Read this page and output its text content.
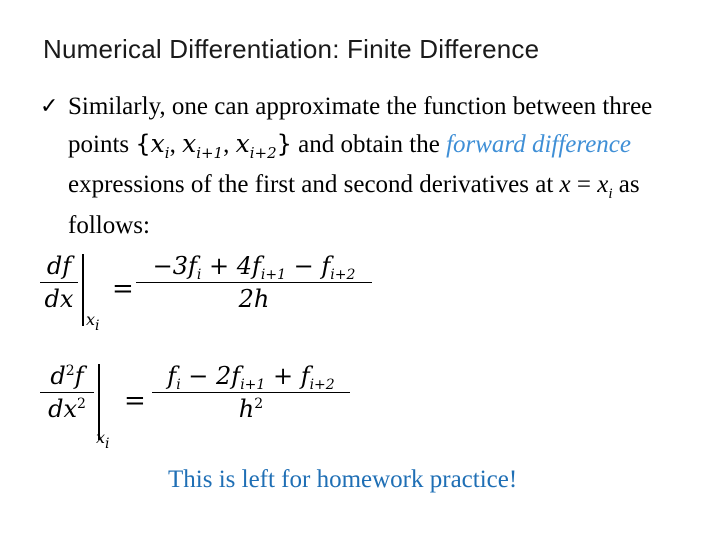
Numerical Differentiation: Finite Difference
✓ Similarly, one can approximate the function between three points {$x_i$, $x_{i+1}$, $x_{i+2}$} and obtain the forward difference expressions of the first and second derivatives at $x = x_i$ as follows:
df
dx
xi
=
$-3f_i + 4f_{i+1} - f_{i+2}$
2h
$d^2f$
$dx^2$
xi
=
$f_i - 2f_{i+1} + f_{i+2}$
$h^2$
This is left for homework practice!
